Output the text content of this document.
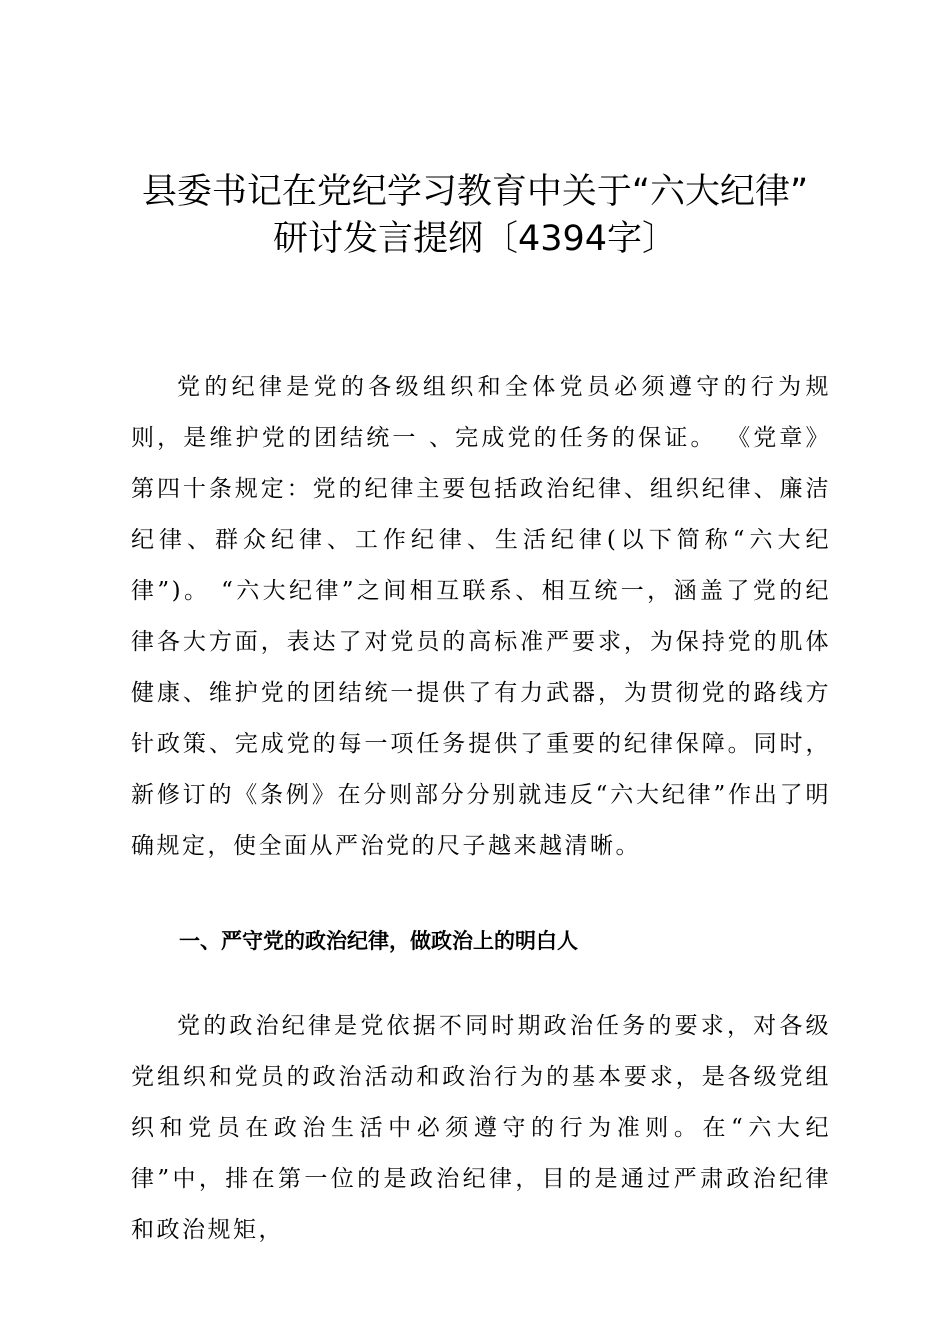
县委书记在党纪学习教育中关于“六大纪律”
研讨发言提纲〔4394字〕

党的纪律是党的各级组织和全体党员必须遵守的行为规则，是维护党的团结统一 、完成党的任务的保证。 《党章》第四十条规定：党的纪律主要包括政治纪律、组织纪律、廉洁纪律、群众纪律、工作纪律、生活纪律(以下简称“六大纪律”)。 “六大纪律”之间相互联系、相互统一，涵盖了党的纪律各大方面，表达了对党员的高标准严要求，为保持党的肌体健康、维护党的团结统一提供了有力武器，为贯彻党的路线方针政策、完成党的每一项任务提供了重要的纪律保障。同时，新修订的《条例》在分则部分分别就违反“六大纪律”作出了明确规定，使全面从严治党的尺子越来越清晰。

一、严守党的政治纪律，做政治上的明白人

党的政治纪律是党依据不同时期政治任务的要求，对各级党组织和党员的政治活动和政治行为的基本要求，是各级党组织和党员在政治生活中必须遵守的行为准则。在“六大纪律”中，排在第一位的是政治纪律，目的是通过严肃政治纪律和政治规矩，
